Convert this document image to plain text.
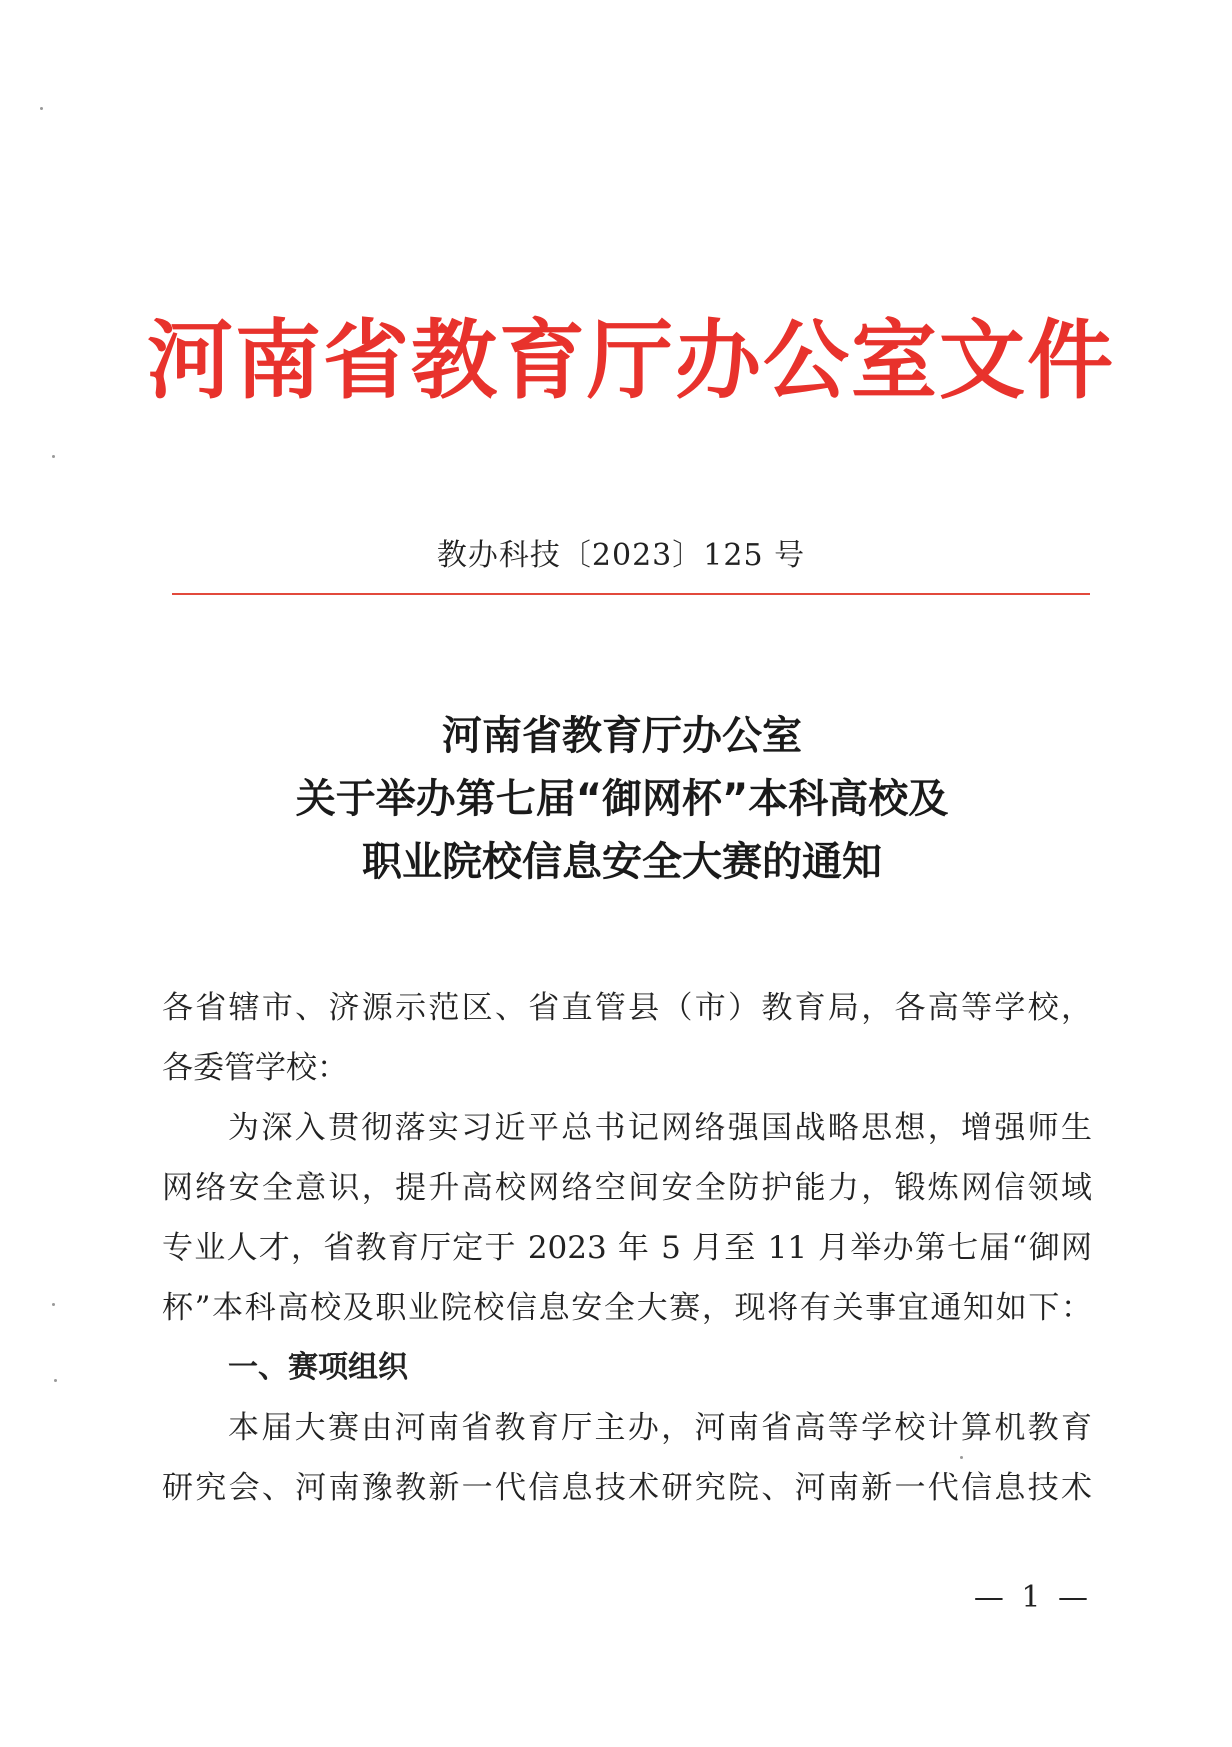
河南省教育厅办公室文件
教办科技〔2023〕125 号
河南省教育厅办公室
关于举办第七届“御网杯”本科高校及
职业院校信息安全大赛的通知
各省辖市、济源示范区、省直管县（市）教育局，各高等学校，
各委管学校：
为深入贯彻落实习近平总书记网络强国战略思想，增强师生
网络安全意识，提升高校网络空间安全防护能力，锻炼网信领域
专业人才，省教育厅定于 2023 年 5 月至 11 月举办第七届“御网
杯”本科高校及职业院校信息安全大赛，现将有关事宜通知如下：
一、赛项组织
本届大赛由河南省教育厅主办，河南省高等学校计算机教育
研究会、河南豫教新一代信息技术研究院、河南新一代信息技术
— 1 —
